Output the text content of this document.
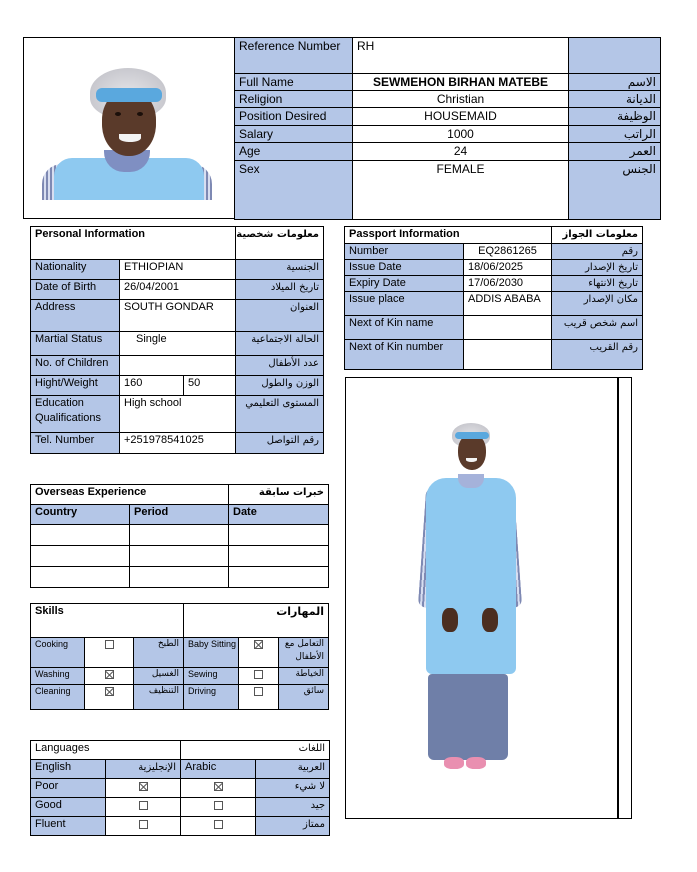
Reference Number	RH	
Full Name	SEWMEHON BIRHAN MATEBE	الاسم
Religion	Christian	الديانة
Position Desired	HOUSEMAID	الوظيفة
Salary	1000	الراتب
Age	24	العمر
Sex	FEMALE	الجنس
Personal Information			معلومات شخصية
Nationality	ETHIOPIAN		الجنسية
Date of Birth	26/04/2001		تاريخ الميلاد
Address	SOUTH GONDAR		العنوان
Martial Status	Single		الحالة الاجتماعية
No. of Children			عدد الأطفال
Hight/Weight	160	50	الوزن والطول
Education Qualifications	High school		المستوى التعليمي
Tel. Number	+251978541025		رقم التواصل
Passport Information		معلومات الجواز
Number	EQ2861265	رقم
Issue Date	18/06/2025	تاريخ الإصدار
Expiry Date	17/06/2030	تاريخ الانتهاء
Issue place	ADDIS ABABA	مكان الإصدار
Next of Kin name		اسم شخص قريب
Next of Kin number		رقم القريب
Overseas Experience		خبرات سابقة
Country	Period	Date

Skills			المهارات		
Cooking		الطبخ	Baby Sitting		التعامل مع الأطفال
Washing		الغسيل	Sewing		الخياطة
Cleaning		التنظيف	Driving		سائق
Languages		اللغات	
English	الإنجليزية	Arabic	العربية
Poor			لا شيء
Good			جيد
Fluent			ممتاز
